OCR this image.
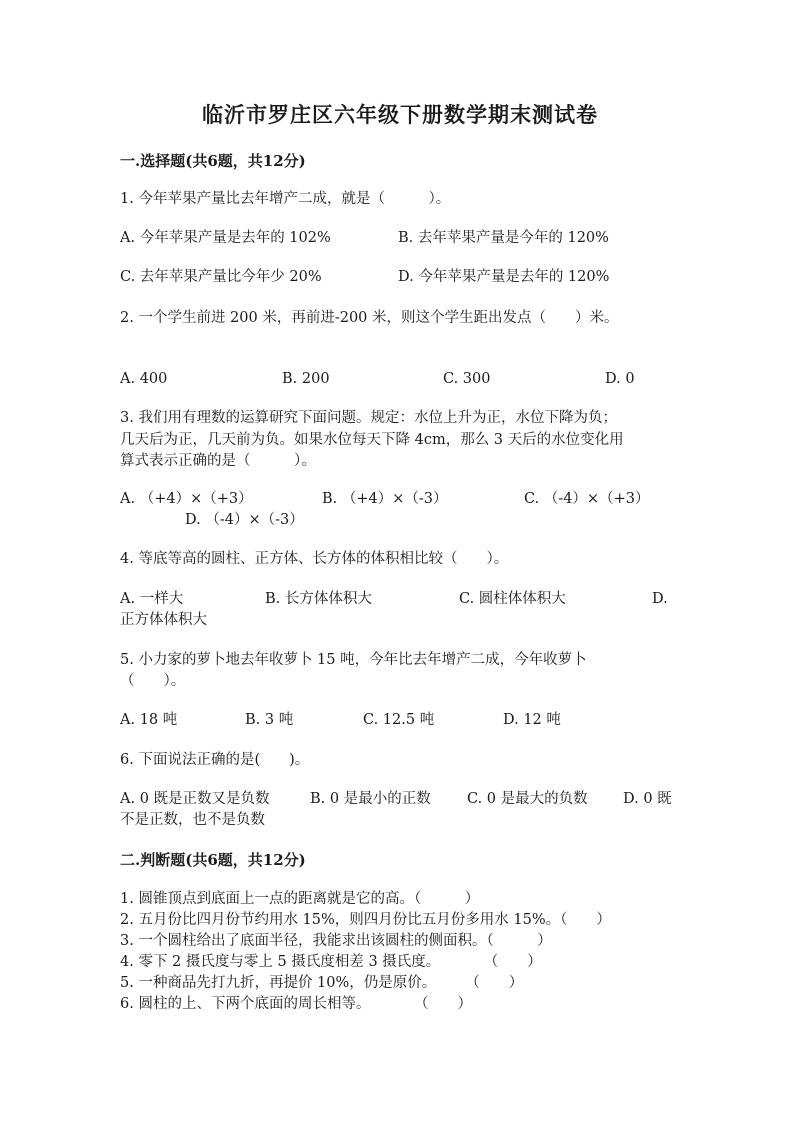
临沂市罗庄区六年级下册数学期末测试卷
一.选择题(共6题，共12分)
1. 今年苹果产量比去年增产二成，就是（　　　）。
A. 今年苹果产量是去年的 102%	B. 去年苹果产量是今年的 120%
C. 去年苹果产量比今年少 20%	D. 今年苹果产量是去年的 120%
2. 一个学生前进 200 米，再前进-200 米，则这个学生距出发点（　　）米。
A. 400	B. 200	C. 300	D. 0
3. 我们用有理数的运算研究下面问题。规定：水位上升为正，水位下降为负；
几天后为正，几天前为负。如果水位每天下降 4cm，那么 3 天后的水位变化用
算式表示正确的是（　　　）。
A. （+4）×（+3）	B. （+4）×（-3）	C. （-4）×（+3）
D. （-4）×（-3）
4. 等底等高的圆柱、正方体、长方体的体积相比较（　　）。
A. 一样大	B. 长方体体积大	C. 圆柱体体积大	D.
正方体体积大
5. 小力家的萝卜地去年收萝卜 15 吨，今年比去年增产二成，今年收萝卜
（　　）。
A. 18 吨	B. 3 吨	C. 12.5 吨	D. 12 吨
6. 下面说法正确的是(　　)。
A. 0 既是正数又是负数	B. 0 是最小的正数	C. 0 是最大的负数 D. 0 既
不是正数，也不是负数
二.判断题(共6题，共12分)
1. 圆锥顶点到底面上一点的距离就是它的高。（　　　）
2. 五月份比四月份节约用水 15%，则四月份比五月份多用水 15%。（　　）
3. 一个圆柱给出了底面半径，我能求出该圆柱的侧面积。（　　　）
4. 零下 2 摄氏度与零上 5 摄氏度相差 3 摄氏度。　　　　（　　）
5. 一种商品先打九折，再提价 10%，仍是原价。　　　（　　）
6. 圆柱的上、下两个底面的周长相等。　　　　（　　）
